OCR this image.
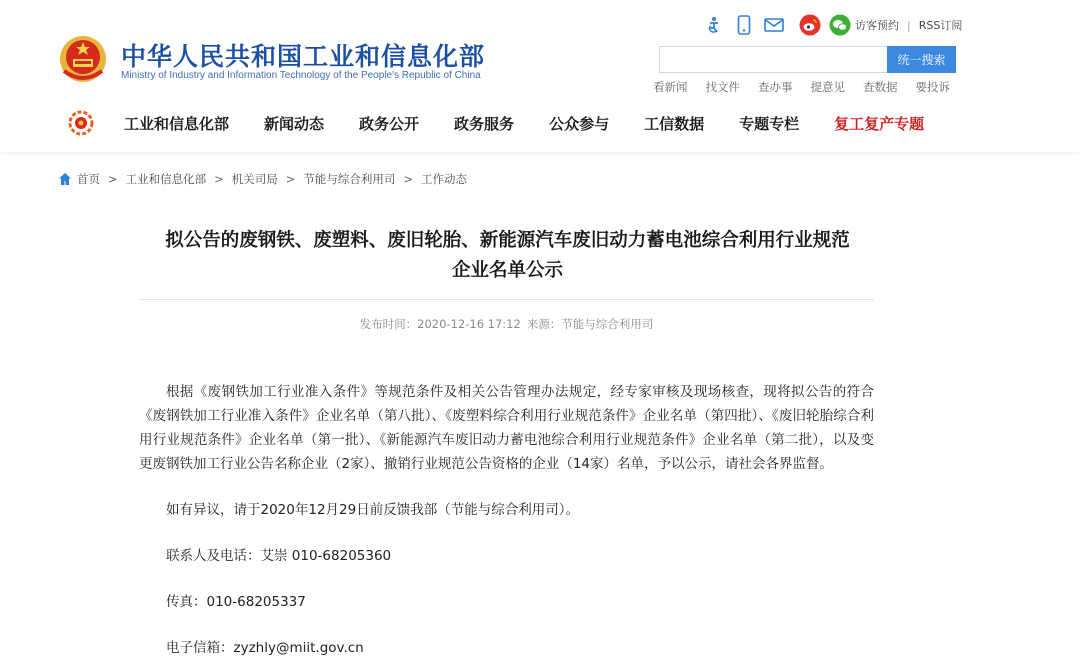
中华人民共和国工业和信息化部
Ministry of Industry and Information Technology of the People's Republic of China
访客预约 | RSS订阅
统一搜索
看新闻 找文件 查办事 提意见 查数据 要投诉
工业和信息化部 新闻动态 政务公开 政务服务 公众参与 工信数据 专题专栏 复工复产专题
首页 > 工业和信息化部 > 机关司局 > 节能与综合利用司 > 工作动态
拟公告的废钢铁、废塑料、废旧轮胎、新能源汽车废旧动力蓄电池综合利用行业规范
企业名单公示
发布时间：2020-12-16 17:12 来源：节能与综合利用司
根据《废钢铁加工行业准入条件》等规范条件及相关公告管理办法规定，经专家审核及现场核查，现将拟公告的符合《废钢铁加工行业准入条件》企业名单（第八批）、《废塑料综合利用行业规范条件》企业名单（第四批）、《废旧轮胎综合利用行业规范条件》企业名单（第一批）、《新能源汽车废旧动力蓄电池综合利用行业规范条件》企业名单（第二批），以及变更废钢铁加工行业公告名称企业（2家）、撤销行业规范公告资格的企业（14家）名单，予以公示，请社会各界监督。
如有异议，请于2020年12月29日前反馈我部（节能与综合利用司）。
联系人及电话：艾崇 010-68205360
传真：010-68205337
电子信箱：zyzhly@miit.gov.cn
